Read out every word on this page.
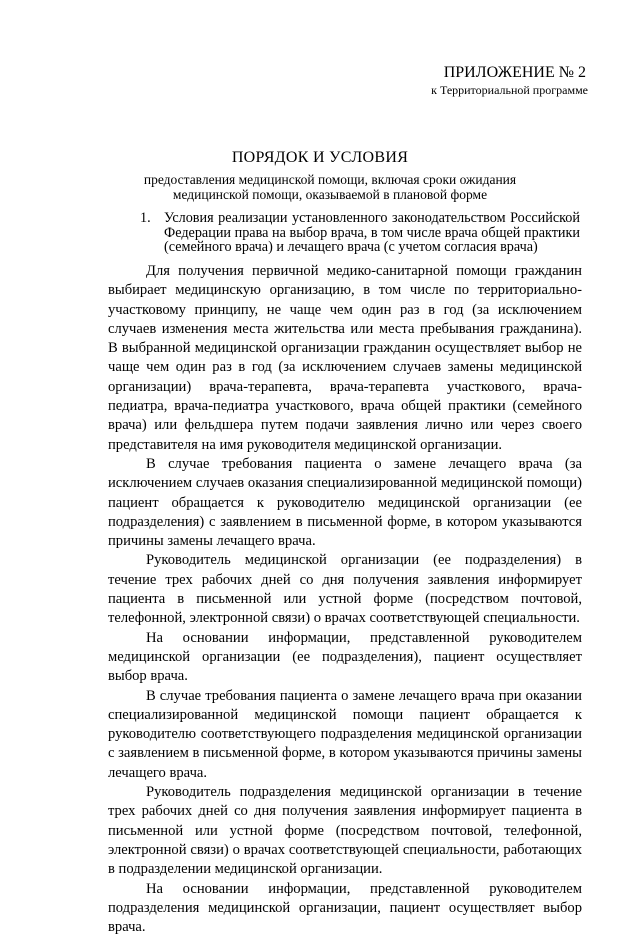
ПРИЛОЖЕНИЕ № 2
к Территориальной программе
ПОРЯДОК И УСЛОВИЯ
предоставления медицинской помощи, включая сроки ожидания медицинской помощи, оказываемой в плановой форме
1. Условия реализации установленного законодательством Российской Федерации права на выбор врача, в том числе врача общей практики (семейного врача) и лечащего врача (с учетом согласия врача)

Для получения первичной медико-санитарной помощи гражданин выбирает медицинскую организацию, в том числе по территориально-участковому принципу, не чаще чем один раз в год (за исключением случаев изменения места жительства или места пребывания гражданина). В выбранной медицинской организации гражданин осуществляет выбор не чаще чем один раз в год (за исключением случаев замены медицинской организации) врача-терапевта, врача-терапевта участкового, врача-педиатра, врача-педиатра участкового, врача общей практики (семейного врача) или фельдшера путем подачи заявления лично или через своего представителя на имя руководителя медицинской организации.

В случае требования пациента о замене лечащего врача (за исключением случаев оказания специализированной медицинской помощи) пациент обращается к руководителю медицинской организации (ее подразделения) с заявлением в письменной форме, в котором указываются причины замены лечащего врача.

Руководитель медицинской организации (ее подразделения) в течение трех рабочих дней со дня получения заявления информирует пациента в письменной или устной форме (посредством почтовой, телефонной, электронной связи) о врачах соответствующей специальности.

На основании информации, представленной руководителем медицинской организации (ее подразделения), пациент осуществляет выбор врача.

В случае требования пациента о замене лечащего врача при оказании специализированной медицинской помощи пациент обращается к руководителю соответствующего подразделения медицинской организации с заявлением в письменной форме, в котором указываются причины замены лечащего врача.

Руководитель подразделения медицинской организации в течение трех рабочих дней со дня получения заявления информирует пациента в письменной или устной форме (посредством почтовой, телефонной, электронной связи) о врачах соответствующей специальности, работающих в подразделении медицинской организации.

На основании информации, представленной руководителем подразделения медицинской организации, пациент осуществляет выбор врача.
